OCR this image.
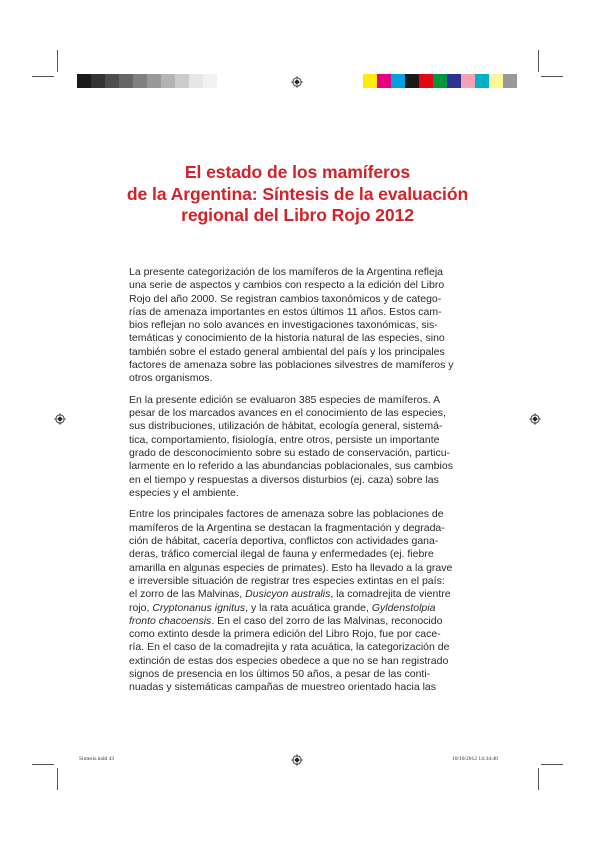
El estado de los mamíferos
de la Argentina: Síntesis de la evaluación
regional del Libro Rojo 2012

La presente categorización de los mamíferos de la Argentina refleja
una serie de aspectos y cambios con respecto a la edición del Libro
Rojo del año 2000. Se registran cambios taxonómicos y de catego-
rías de amenaza importantes en estos últimos 11 años. Estos cam-
bios reflejan no solo avances en investigaciones taxonómicas, sis-
temáticas y conocimiento de la historia natural de las especies, sino
también sobre el estado general ambiental del país y los principales
factores de amenaza sobre las poblaciones silvestres de mamíferos y
otros organismos.

En la presente edición se evaluaron 385 especies de mamíferos. A
pesar de los marcados avances en el conocimiento de las especies,
sus distribuciones, utilización de hábitat, ecología general, sistemá-
tica, comportamiento, fisiología, entre otros, persiste un importante
grado de desconocimiento sobre su estado de conservación, particu-
larmente en lo referido a las abundancias poblacionales, sus cambios
en el tiempo y respuestas a diversos disturbios (ej. caza) sobre las
especies y el ambiente.

Entre los principales factores de amenaza sobre las poblaciones de
mamíferos de la Argentina se destacan la fragmentación y degrada-
ción de hábitat, cacería deportiva, conflictos con actividades gana-
deras, tráfico comercial ilegal de fauna y enfermedades (ej. fiebre
amarilla en algunas especies de primates). Esto ha llevado a la grave
e irreversible situación de registrar tres especies extintas en el país:
el zorro de las Malvinas, Dusicyon australis, la comadrejita de vientre
rojo, Cryptonanus ignitus, y la rata acuática grande, Gyldenstolpia
fronto chacoensis. En el caso del zorro de las Malvinas, reconocido
como extinto desde la primera edición del Libro Rojo, fue por cace-
ría. En el caso de la comadrejita y rata acuática, la categorización de
extinción de estas dos especies obedece a que no se han registrado
signos de presencia en los últimos 50 años, a pesar de las conti-
nuadas y sistemáticas campañas de muestreo orientado hacia las

Sintesis.indd 43	10/10/2012 14:34:40
